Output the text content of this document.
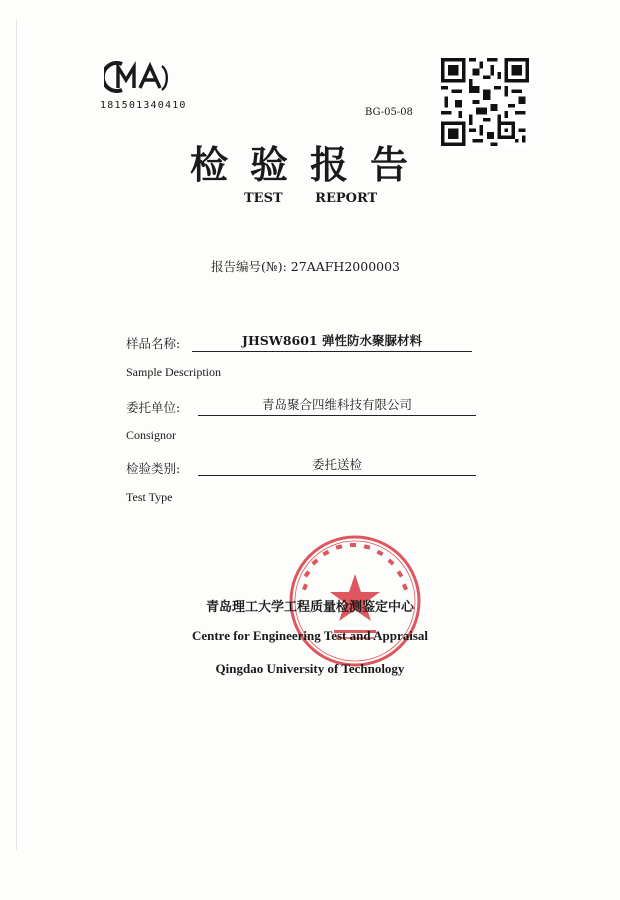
181501340410
BG-05-08
检验报告
TEST REPORT
报告编号(№): 27AAFH2000003
样品名称:	JHSW8601 弹性防水聚脲材料
Sample Description
委托单位:	青岛聚合四维科技有限公司
Consignor
检验类别:	委托送检
Test Type
青岛理工大学工程质量检测鉴定中心
Centre for Engineering Test and Appraisal
Qingdao University of Technology
